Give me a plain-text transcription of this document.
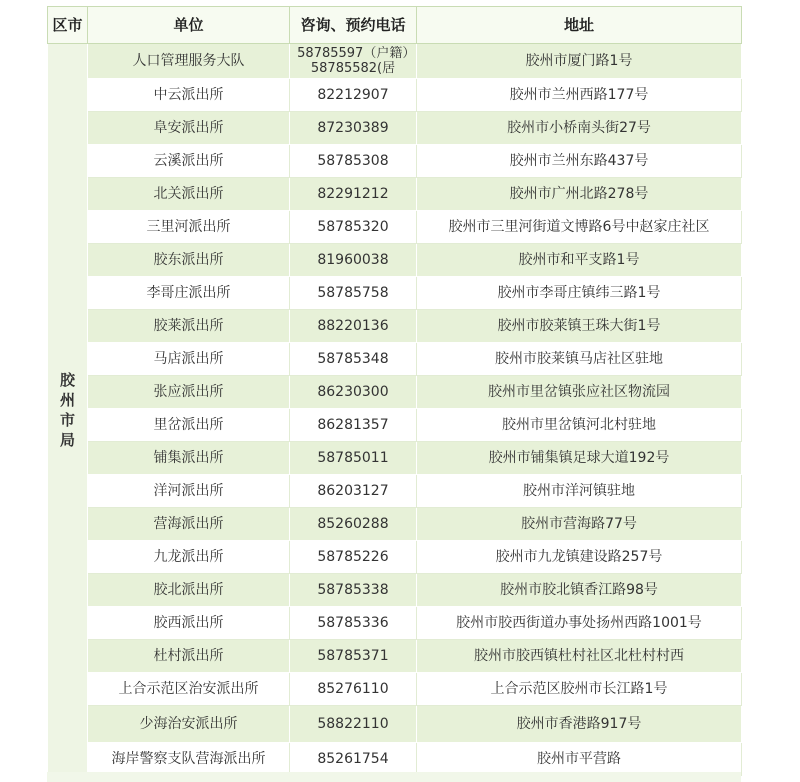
区市	单位	咨询、预约电话	地址
胶州市局	人口管理服务大队	58785597（户籍）58785582(居	胶州市厦门路1号
	中云派出所	82212907	胶州市兰州西路177号
	阜安派出所	87230389	胶州市小桥南头街27号
	云溪派出所	58785308	胶州市兰州东路437号
	北关派出所	82291212	胶州市广州北路278号
	三里河派出所	58785320	胶州市三里河街道文博路6号中赵家庄社区
	胶东派出所	81960038	胶州市和平支路1号
	李哥庄派出所	58785758	胶州市李哥庄镇纬三路1号
	胶莱派出所	88220136	胶州市胶莱镇王珠大街1号
	马店派出所	58785348	胶州市胶莱镇马店社区驻地
	张应派出所	86230300	胶州市里岔镇张应社区物流园
	里岔派出所	86281357	胶州市里岔镇河北村驻地
	铺集派出所	58785011	胶州市铺集镇足球大道192号
	洋河派出所	86203127	胶州市洋河镇驻地
	营海派出所	85260288	胶州市营海路77号
	九龙派出所	58785226	胶州市九龙镇建设路257号
	胶北派出所	58785338	胶州市胶北镇香江路98号
	胶西派出所	58785336	胶州市胶西街道办事处扬州西路1001号
	杜村派出所	58785371	胶州市胶西镇杜村社区北杜村村西
	上合示范区治安派出所	85276110	上合示范区胶州市长江路1号
	少海治安派出所	58822110	胶州市香港路917号
	海岸警察支队营海派出所	85261754	胶州市平营路
